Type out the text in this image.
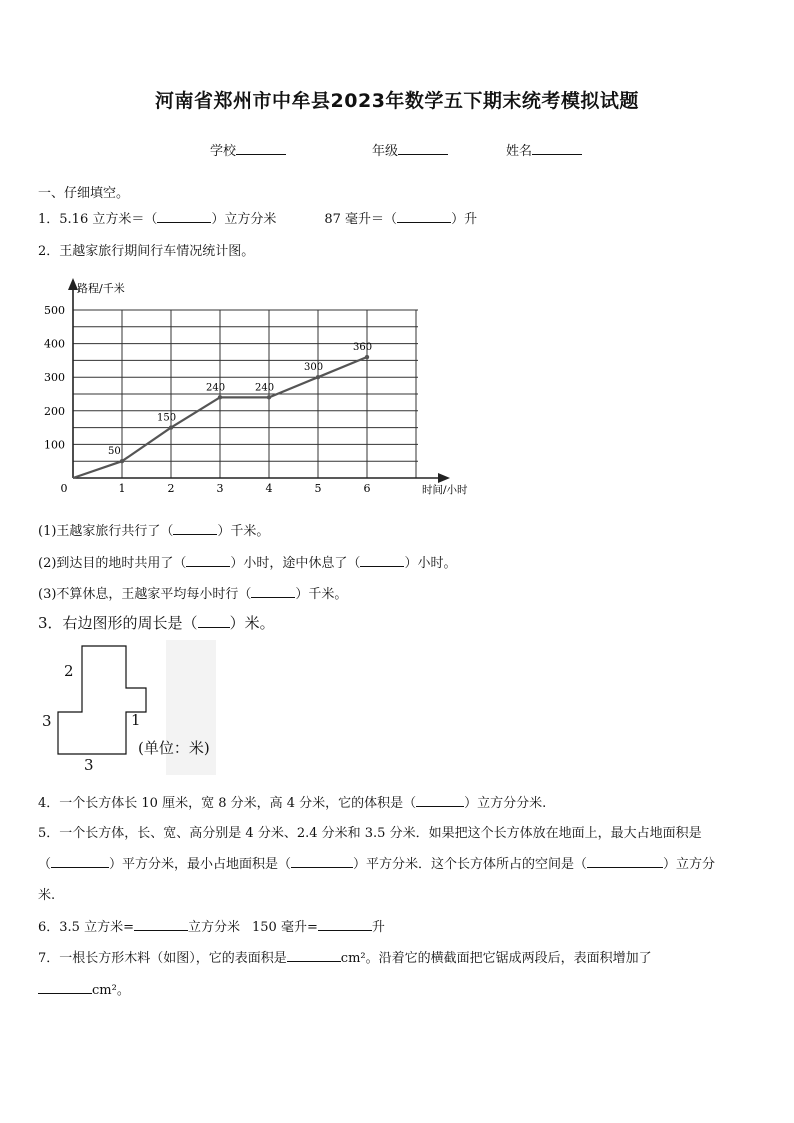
河南省郑州市中牟县2023年数学五下期末统考模拟试题
学校	年级	姓名
一、仔细填空。
1．5.16 立方米＝（	）立方分米	87 毫升＝（	）升
2．王越家旅行期间行车情况统计图。
路程/千米
时间/小时
100
200
300
400
500
0	1	2	3	4	5	6
50
150
240	240
300
360
(1)王越家旅行共行了（	）千米。
(2)到达目的地时共用了（	）小时，途中休息了（	）小时。
(3)不算休息，王越家平均每小时行（	）千米。
3．右边图形的周长是（ ）米。
2
3	1
3
(单位：米)
4．一个长方体长 10 厘米，宽 8 分米，高 4 分米，它的体积是（	）立方分分米.
5．一个长方体，长、宽、高分别是 4 分米、2.4 分米和 3.5 分米．如果把这个长方体放在地面上，最大占地面积是
（	）平方分米，最小占地面积是（	）平方分米．这个长方体所占的空间是（	）立方分
米.
6．3.5 立方米=	立方分米 150 毫升=	升
7．一根长方形木料（如图），它的表面积是	cm²。沿着它的横截面把它锯成两段后，表面积增加了
cm²。
